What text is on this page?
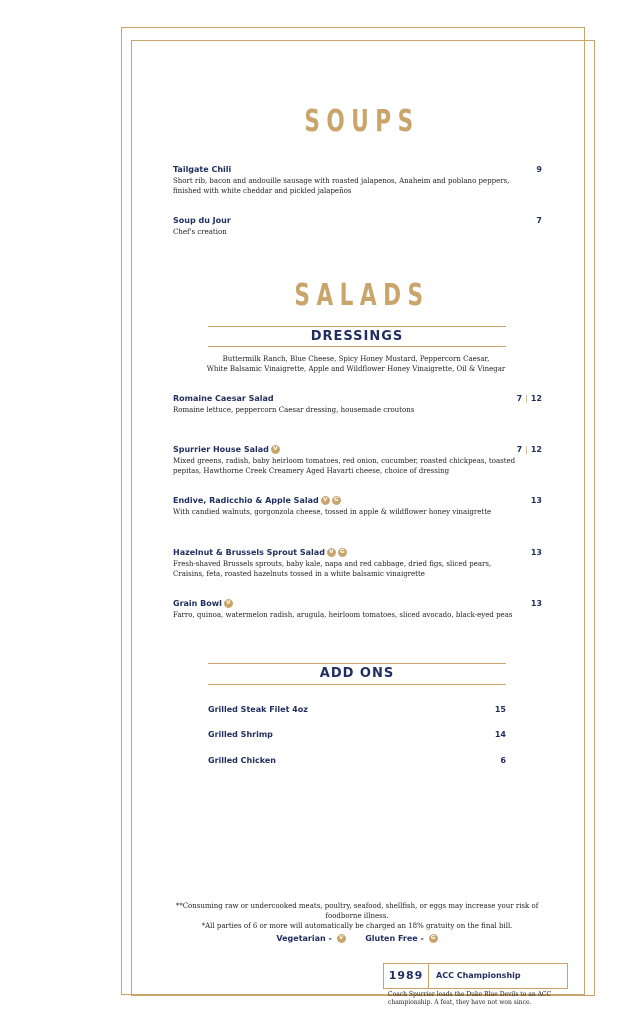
SOUPS
Tailgate Chili	9
Short rib, bacon and andouille sausage with roasted jalapenos, Anaheim and poblano peppers, finished with white cheddar and pickled jalapeños
Soup du Jour	7
Chef's creation
SALADS
DRESSINGS
Buttermilk Ranch, Blue Cheese, Spicy Honey Mustard, Peppercorn Caesar,
White Balsamic Vinaigrette, Apple and Wildflower Honey Vinaigrette, Oil & Vinegar
Romaine Caesar Salad	7 | 12
Romaine lettuce, peppercorn Caesar dressing, housemade croutons
Spurrier House Salad V	7 | 12
Mixed greens, radish, baby heirloom tomatoes, red onion, cucumber, roasted chickpeas, toasted pepitas, Hawthorne Creek Creamery Aged Havarti cheese, choice of dressing
Endive, Radicchio & Apple Salad V G	13
With candied walnuts, gorgonzola cheese, tossed in apple & wildflower honey vinaigrette
Hazelnut & Brussels Sprout Salad V G	13
Fresh-shaved Brussels sprouts, baby kale, napa and red cabbage, dried figs, sliced pears, Craisins, feta, roasted hazelnuts tossed in a white balsamic vinaigrette
Grain Bowl V	13
Farro, quinoa, watermelon radish, arugula, heirloom tomatoes, sliced avocado, black-eyed peas
ADD ONS
Grilled Steak Filet 4oz	15
Grilled Shrimp	14
Grilled Chicken	6
**Consuming raw or undercooked meats, poultry, seafood, shellfish, or eggs may increase your risk of foodborne illness.
*All parties of 6 or more will automatically be charged an 18% gratuity on the final bill.
Vegetarian - V	Gluten Free - G
1989	ACC Championship
Coach Spurrier leads the Duke Blue Devils to an ACC championship. A feat, they have not won since.
